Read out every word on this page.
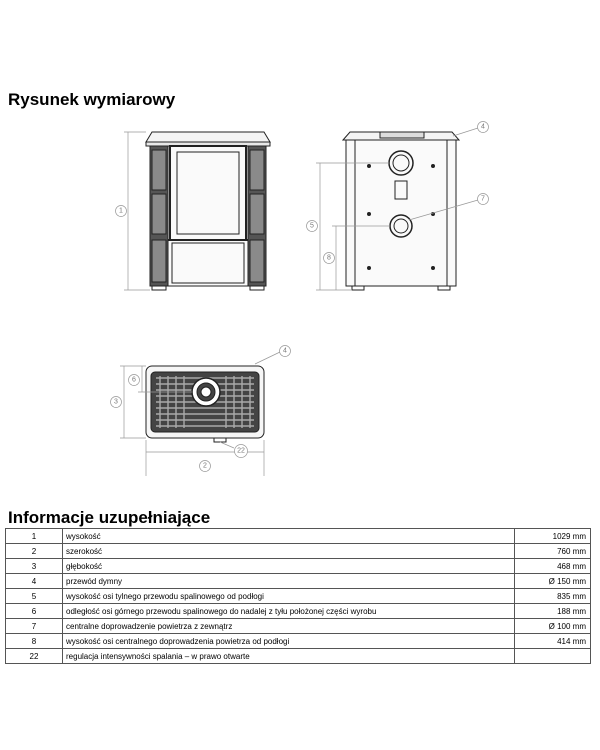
Rysunek wymiarowy
1
5
8
4
7
3
6
2
4
22
Informacje uzupełniające
1	wysokość	1029 mm
2	szerokość	760 mm
3	głębokość	468 mm
4	przewód dymny	Ø 150 mm
5	wysokość osi tylnego przewodu spalinowego od podłogi	835 mm
6	odległość osi górnego przewodu spalinowego do nadalej z tyłu położonej części wyrobu	188 mm
7	centralne doprowadzenie powietrza z zewnątrz	Ø 100 mm
8	wysokość osi centralnego doprowadzenia powietrza od podłogi	414 mm
22	regulacja intensywności spalania – w prawo otwarte	
